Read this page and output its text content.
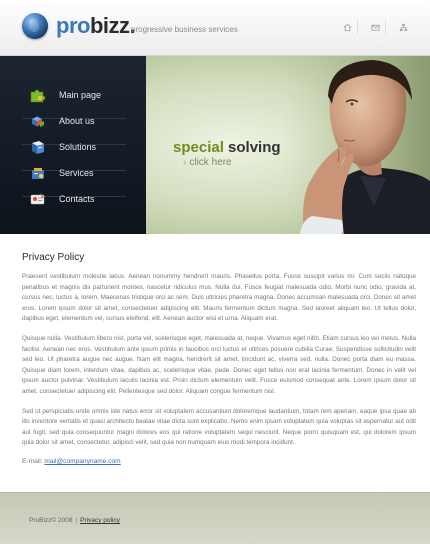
probizz.
progressive business services
Main page
About us
Solutions
Services
Contacts
special solving
› click here
Privacy Policy

Praesent vestibulum molestie lacus. Aenean nonummy hendrerit mauris. Phasellus porta. Fusce suscipit varius mi. Cum sociis natoque penatibus et magnis dis parturient montes, nascetur ridiculus mus. Nulla dui. Fusce feugiat malesuada odio. Morbi nunc odio, gravida at, cursus nec, luctus a, lorem. Maecenas tristique orci ac sem. Duis ultricies pharetra magna. Donec accumsan malesuada orci. Donec sit amet eros. Lorem ipsum dolor sit amet, consectetuer adipiscing elit. Mauris fermentum dictum magna. Sed laoreet aliquam leo. Ut tellus dolor, dapibus eget, elementum vel, cursus eleifend, elit. Aenean auctor wisi et urna. Aliquam erat.

Quisque nulla. Vestibulum libero nisl, porta vel, scelerisque eget, malesuada at, neque. Vivamus eget nibh. Etiam cursus leo vel metus. Nulla facilisi. Aenean nec eros. Vestibulum ante ipsum primis in faucibus orci luctus et ultrices posuere cubilia Curae; Suspendisse sollicitudin velit sed leo. Ut pharetra augue nec augue. Nam elit magna, hendrerit sit amet, tincidunt ac, viverra sed, nulla. Donec porta diam eu massa. Quisque diam lorem, interdum vitae, dapibus ac, scelerisque vitae, pede. Donec eget tellus non erat lacinia fermentum. Donec in velit vel ipsum auctor pulvinar. Vestibulum iaculis lacinia est. Proin dictum elementum velit. Fusce euismod consequat ante. Lorem ipsum dolor sit amet, consectetuer adipiscing elit. Pellentesque sed dolor. Aliquam congue fermentum nisl.

Sed ut perspiciatis unde omnis iste natus error sit voluptatem accusantium doloremque laudantium, totam rem aperiam, eaque ipsa quae ab illo inventore veritatis et quasi architecto beatae vitae dicta sunt explicabo. Nemo enim ipsam voluptatem quia voluptas sit aspernatur aut odit aut fugit, sed quia consequuntur magni dolores eos qui ratione voluptatem sequi nesciunt. Neque porro quisquam est, qui dolorem ipsum quia dolor sit amet, consectetur, adipisci velit, sed quia non numquam eius modi tempora incidunt.

E-mail: mail@companyname.com
ProBizz© 2008 | Privacy policy
